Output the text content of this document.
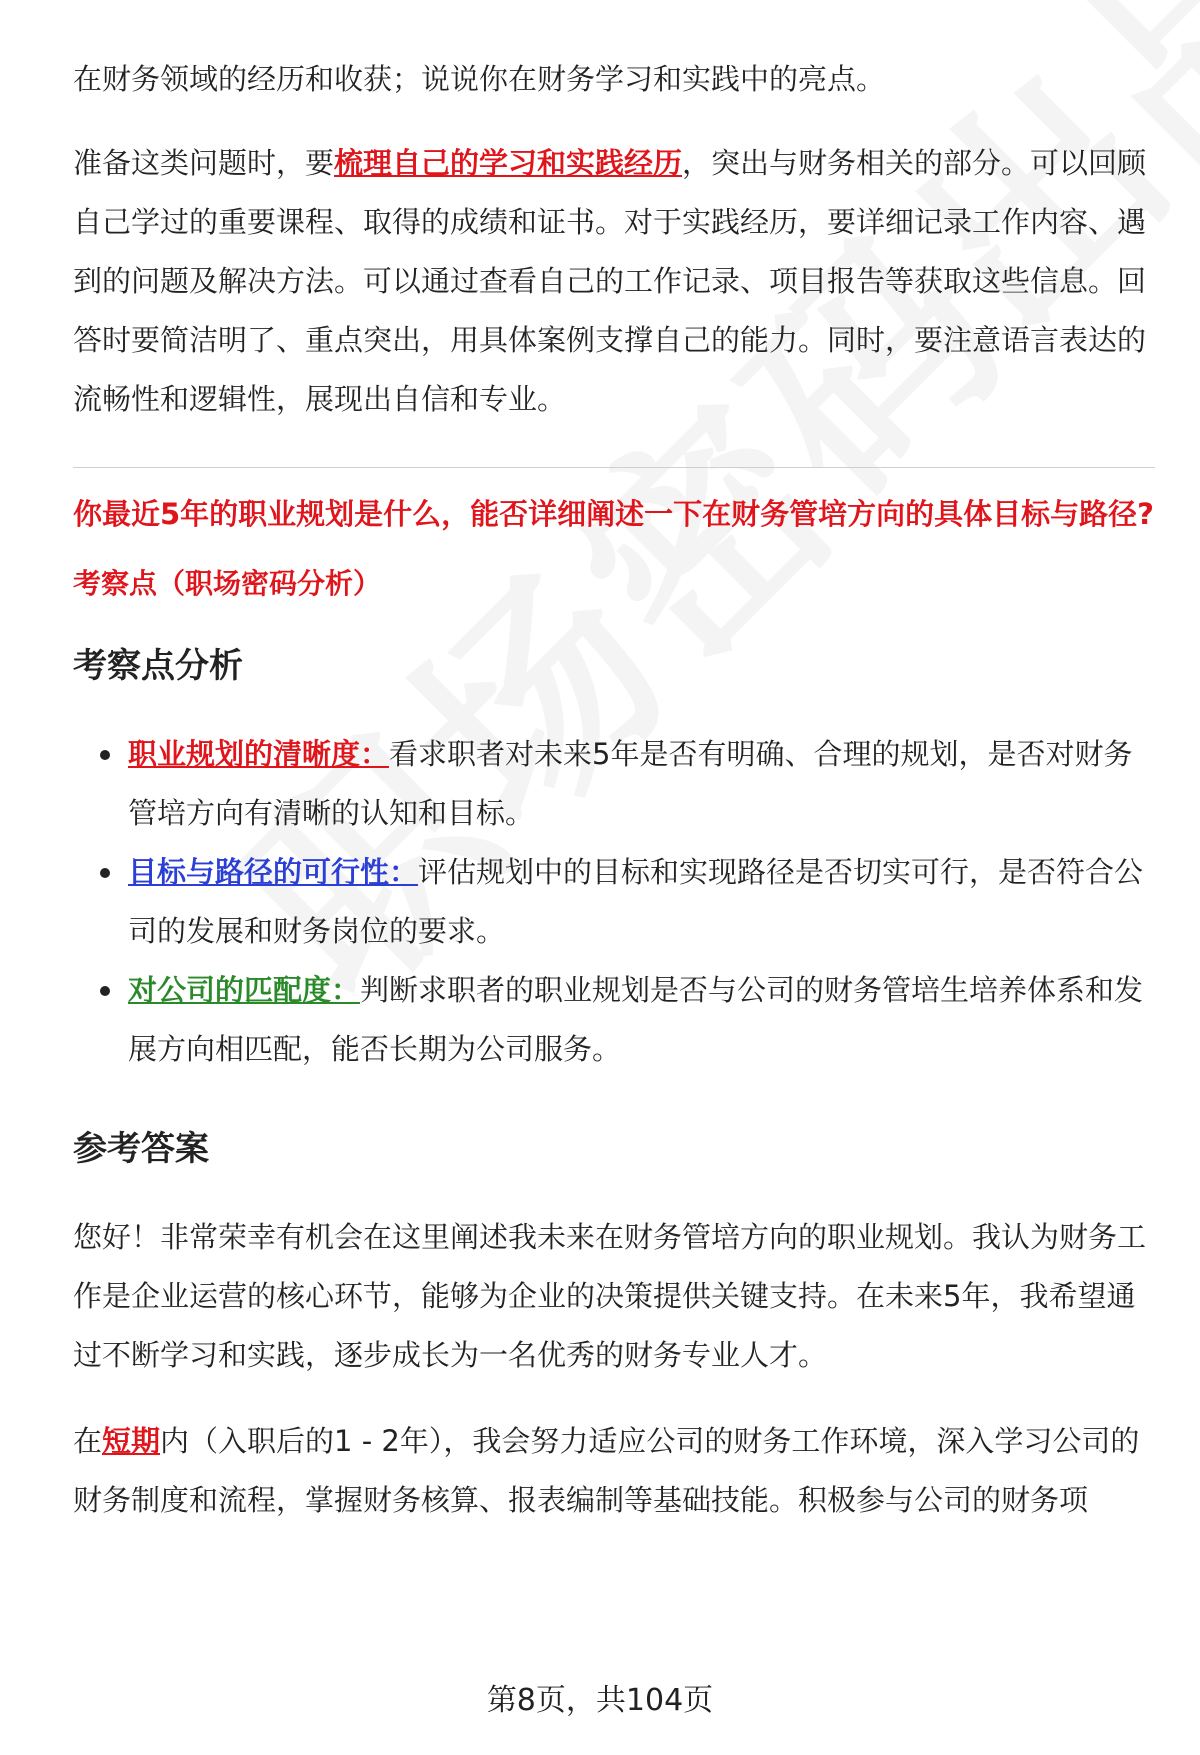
在财务领域的经历和收获；说说你在财务学习和实践中的亮点。

准备这类问题时，要梳理自己的学习和实践经历，突出与财务相关的部分。可以回顾自己学过的重要课程、取得的成绩和证书。对于实践经历，要详细记录工作内容、遇到的问题及解决方法。可以通过查看自己的工作记录、项目报告等获取这些信息。回答时要简洁明了、重点突出，用具体案例支撑自己的能力。同时，要注意语言表达的流畅性和逻辑性，展现出自信和专业。

你最近5年的职业规划是什么，能否详细阐述一下在财务管培方向的具体目标与路径?

考察点（职场密码分析）

考察点分析

职业规划的清晰度：看求职者对未来5年是否有明确、合理的规划，是否对财务管培方向有清晰的认知和目标。
目标与路径的可行性：评估规划中的目标和实现路径是否切实可行，是否符合公司的发展和财务岗位的要求。
对公司的匹配度：判断求职者的职业规划是否与公司的财务管培生培养体系和发展方向相匹配，能否长期为公司服务。

参考答案

您好！非常荣幸有机会在这里阐述我未来在财务管培方向的职业规划。我认为财务工作是企业运营的核心环节，能够为企业的决策提供关键支持。在未来5年，我希望通过不断学习和实践，逐步成长为一名优秀的财务专业人才。

在短期内（入职后的1 - 2年），我会努力适应公司的财务工作环境，深入学习公司的财务制度和流程，掌握财务核算、报表编制等基础技能。积极参与公司的财务项

第8页，共104页
